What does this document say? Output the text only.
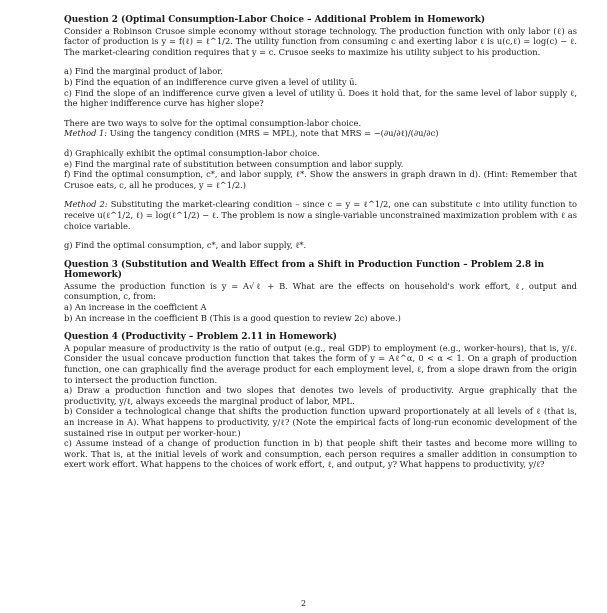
Question 2 (Optimal Consumption-Labor Choice – Additional Problem in Homework)

Consider a Robinson Crusoe simple economy without storage technology. The production function with only labor (ℓ) as factor of production is y = f(ℓ) = ℓ^1/2. The utility function from consuming c and exerting labor ℓ is u(c,ℓ) = log(c) − ℓ. The market-clearing condition requires that y = c. Crusoe seeks to maximize his utility subject to his production.

a) Find the marginal product of labor.

b) Find the equation of an indifference curve given a level of utility ū.

c) Find the slope of an indifference curve given a level of utility ū. Does it hold that, for the same level of labor supply ℓ, the higher indifference curve has higher slope?

There are two ways to solve for the optimal consumption-labor choice.

Method 1: Using the tangency condition (MRS = MPL), note that MRS = −(∂u/∂ℓ)/(∂u/∂c)

d) Graphically exhibit the optimal consumption-labor choice.

e) Find the marginal rate of substitution between consumption and labor supply.

f) Find the optimal consumption, c*, and labor supply, ℓ*. Show the answers in graph drawn in d). (Hint: Remember that Crusoe eats, c, all he produces, y = ℓ^1/2.)

Method 2: Substituting the market-clearing condition – since c = y = ℓ^1/2, one can substitute c into utility function to receive u(ℓ^1/2, ℓ) = log(ℓ^1/2) − ℓ. The problem is now a single-variable unconstrained maximization problem with ℓ as choice variable.

g) Find the optimal consumption, c*, and labor supply, ℓ*.

Question 3 (Substitution and Wealth Effect from a Shift in Production Function – Problem 2.8 in Homework)

Assume the production function is y = A√ℓ + B. What are the effects on household's work effort, ℓ, output and consumption, c, from:

a) An increase in the coefficient A

b) An increase in the coefficient B (This is a good question to review 2c) above.)

Question 4 (Productivity – Problem 2.11 in Homework)

A popular measure of productivity is the ratio of output (e.g., real GDP) to employment (e.g., worker-hours), that is, y/ℓ. Consider the usual concave production function that takes the form of y = Aℓ^α, 0 < α < 1. On a graph of production function, one can graphically find the average product for each employment level, ℓ, from a slope drawn from the origin to intersect the production function.

a) Draw a production function and two slopes that denotes two levels of productivity. Argue graphically that the productivity, y/ℓ, always exceeds the marginal product of labor, MPL.

b) Consider a technological change that shifts the production function upward proportionately at all levels of ℓ (that is, an increase in A). What happens to productivity, y/ℓ? (Note the empirical facts of long-run economic development of the sustained rise in output per worker-hour.)

c) Assume instead of a change of production function in b) that people shift their tastes and become more willing to work. That is, at the initial levels of work and consumption, each person requires a smaller addition in consumption to exert work effort. What happens to the choices of work effort, ℓ, and output, y? What happens to productivity, y/ℓ?

2
